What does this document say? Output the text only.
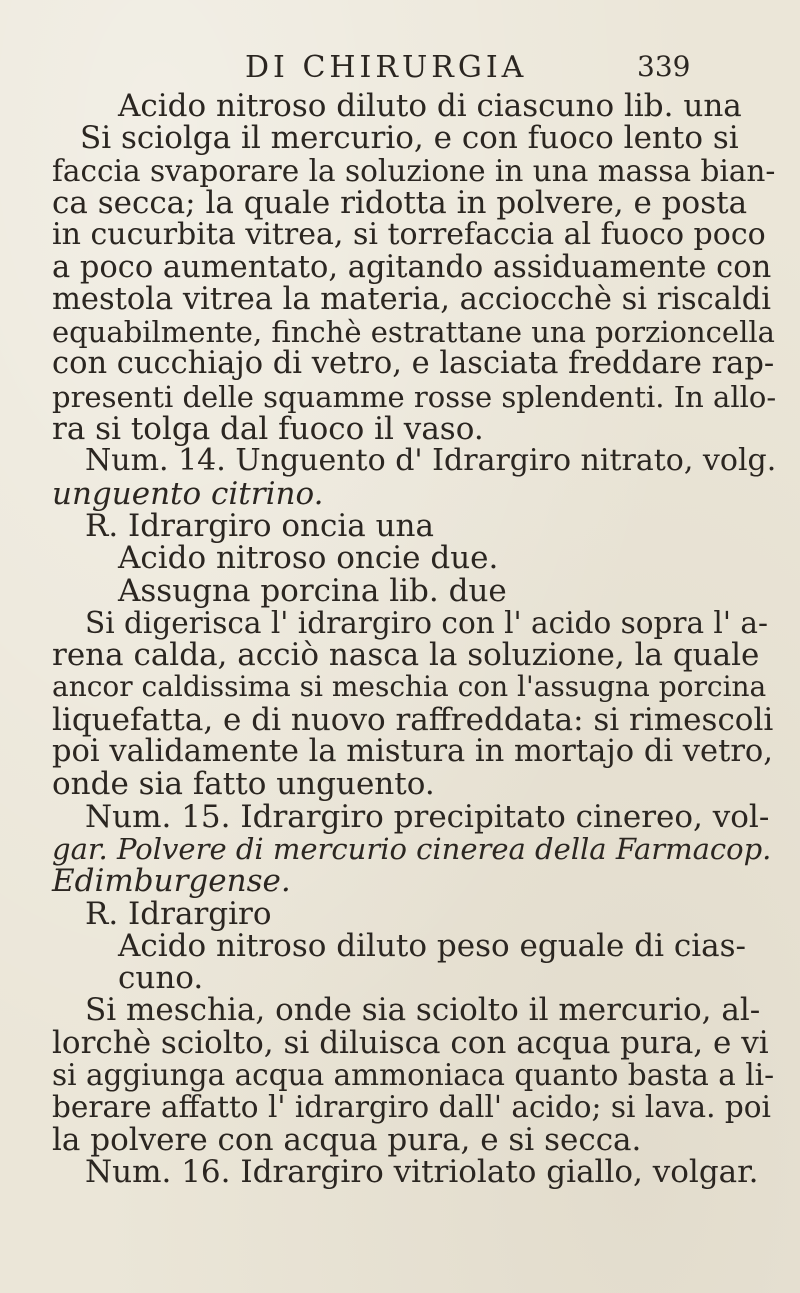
DI CHIRURGIA	339
Acido nitroso diluto di ciascuno lib. una
Si sciolga il mercurio, e con fuoco lento si
faccia svaporare la soluzione in una massa bian-
ca secca; la quale ridotta in polvere, e posta
in cucurbita vitrea, si torrefaccia al fuoco poco
a poco aumentato, agitando assiduamente con
mestola vitrea la materia, acciocchè si riscaldi
equabilmente, finchè estrattane una porzioncella
con cucchiajo di vetro, e lasciata freddare rap-
presenti delle squamme rosse splendenti. In allo-
ra si tolga dal fuoco il vaso.
Num. 14. Unguento d' Idrargiro nitrato, volg.
unguento citrino.
R. Idrargiro oncia una
Acido nitroso oncie due.
Assugna porcina lib. due
Si digerisca l' idrargiro con l' acido sopra l' a-
rena calda, acciò nasca la soluzione, la quale
ancor caldissima si meschia con l'assugna porcina
liquefatta, e di nuovo raffreddata: si rimescoli
poi validamente la mistura in mortajo di vetro,
onde sia fatto unguento.
Num. 15. Idrargiro precipitato cinereo, vol-
gar. Polvere di mercurio cinerea della Farmacop.
Edimburgense.
R. Idrargiro
Acido nitroso diluto peso eguale di cias-
cuno.
Si meschia, onde sia sciolto il mercurio, al-
lorchè sciolto, si diluisca con acqua pura, e vi
si aggiunga acqua ammoniaca quanto basta a li-
berare affatto l' idrargiro dall' acido; si lava. poi
la polvere con acqua pura, e si secca.
Num. 16. Idrargiro vitriolato giallo, volgar.
